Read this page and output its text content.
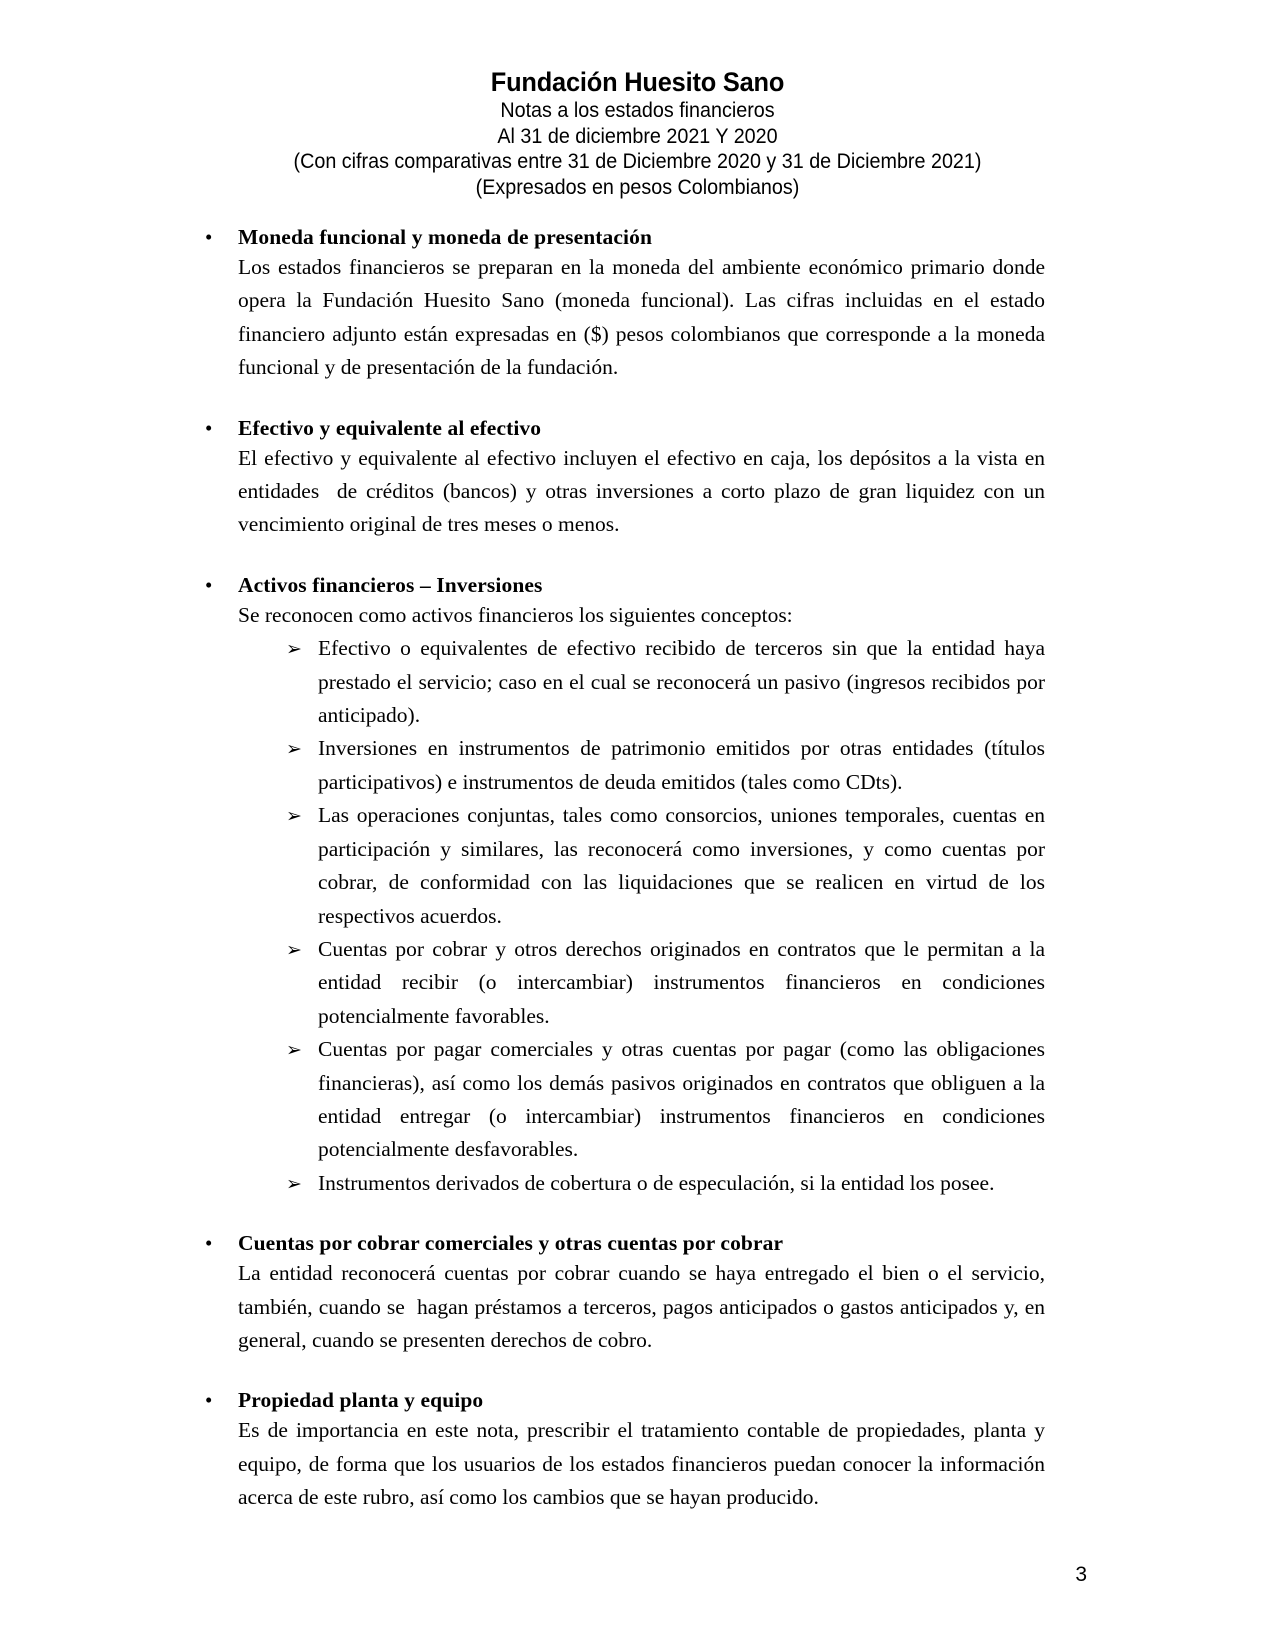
Fundación Huesito Sano
Notas a los estados financieros
Al 31 de diciembre 2021 Y 2020
(Con cifras comparativas entre 31 de Diciembre 2020 y 31 de Diciembre 2021)
(Expresados en pesos Colombianos)
•	Moneda funcional y moneda de presentación

Los estados financieros se preparan en la moneda del ambiente económico primario donde opera la Fundación Huesito Sano (moneda funcional). Las cifras incluidas en el estado financiero adjunto están expresadas en ($) pesos colombianos que corresponde a la moneda funcional y de presentación de la fundación.

•	Efectivo y equivalente al efectivo

El efectivo y equivalente al efectivo incluyen el efectivo en caja, los depósitos a la vista en entidades  de créditos (bancos) y otras inversiones a corto plazo de gran liquidez con un vencimiento original de tres meses o menos.

•	Activos financieros – Inversiones

Se reconocen como activos financieros los siguientes conceptos:

➢ Efectivo o equivalentes de efectivo recibido de terceros sin que la entidad haya prestado el servicio; caso en el cual se reconocerá un pasivo (ingresos recibidos por anticipado).

➢ Inversiones en instrumentos de patrimonio emitidos por otras entidades (títulos participativos) e instrumentos de deuda emitidos (tales como CDts).

➢ Las operaciones conjuntas, tales como consorcios, uniones temporales, cuentas en participación y similares, las reconocerá como inversiones, y como cuentas por cobrar, de conformidad con las liquidaciones que se realicen en virtud de los respectivos acuerdos.

➢ Cuentas por cobrar y otros derechos originados en contratos que le permitan a la entidad recibir (o intercambiar) instrumentos financieros en condiciones potencialmente favorables.

➢ Cuentas por pagar comerciales y otras cuentas por pagar (como las obligaciones financieras), así como los demás pasivos originados en contratos que obliguen a la entidad entregar (o intercambiar) instrumentos financieros en condiciones potencialmente desfavorables.

➢ Instrumentos derivados de cobertura o de especulación, si la entidad los posee.

•	Cuentas por cobrar comerciales y otras cuentas por cobrar

La entidad reconocerá cuentas por cobrar cuando se haya entregado el bien o el servicio, también, cuando se  hagan préstamos a terceros, pagos anticipados o gastos anticipados y, en general, cuando se presenten derechos de cobro.

•	Propiedad planta y equipo

Es de importancia en este nota, prescribir el tratamiento contable de propiedades, planta y equipo, de forma que los usuarios de los estados financieros puedan conocer la información acerca de este rubro, así como los cambios que se hayan producido.

3
